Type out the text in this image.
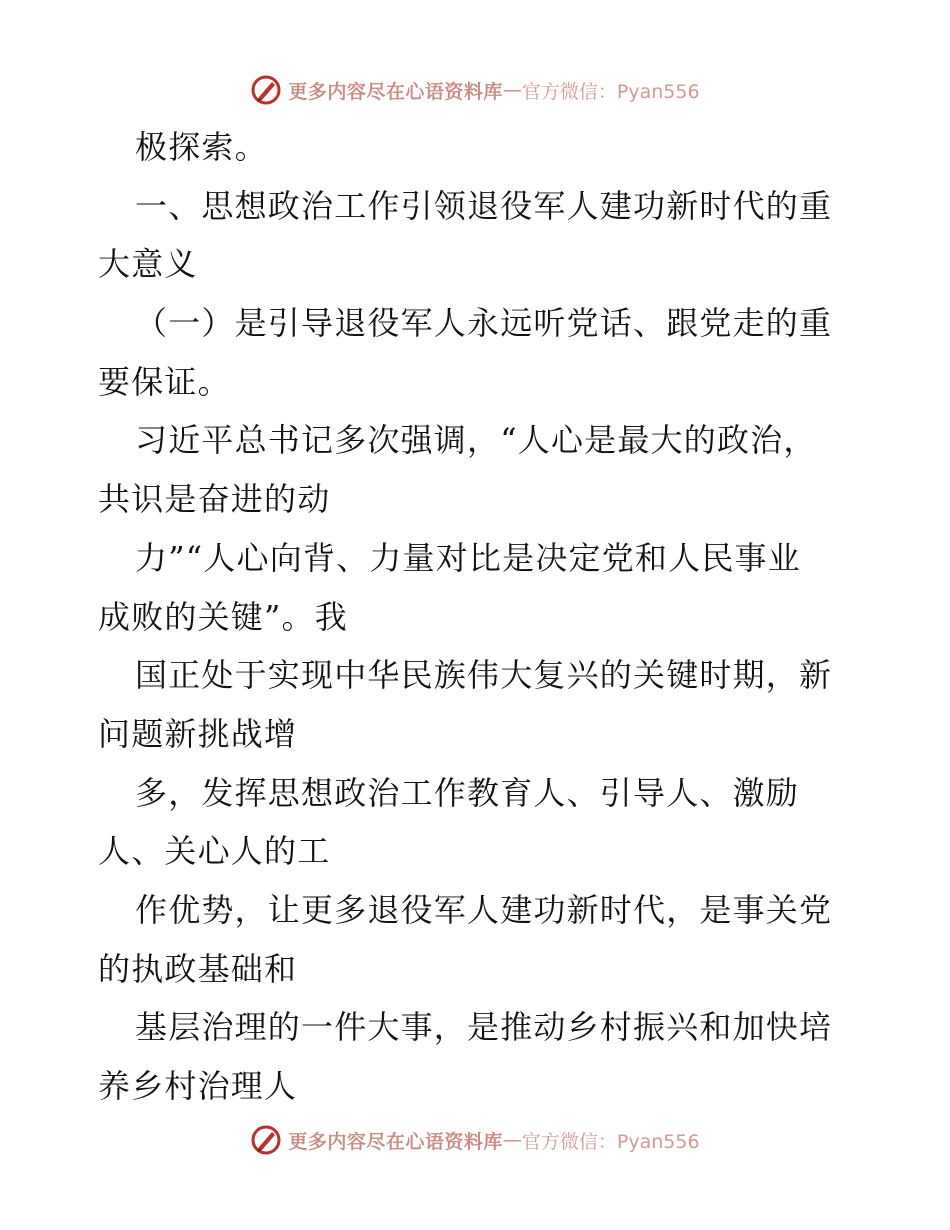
更多内容尽在心语资料库 — 官方微信：Pyan556
极探索。
一、思想政治工作引领退役军人建功新时代的重
大意义
（一）是引导退役军人永远听党话、跟党走的重
要保证。
习近平总书记多次强调，“人心是最大的政治，
共识是奋进的动
力”“人心向背、力量对比是决定党和人民事业
成败的关键”。我
国正处于实现中华民族伟大复兴的关键时期，新
问题新挑战增
多，发挥思想政治工作教育人、引导人、激励
人、关心人的工
作优势，让更多退役军人建功新时代，是事关党
的执政基础和
基层治理的一件大事，是推动乡村振兴和加快培
养乡村治理人
更多内容尽在心语资料库 — 官方微信：Pyan556
